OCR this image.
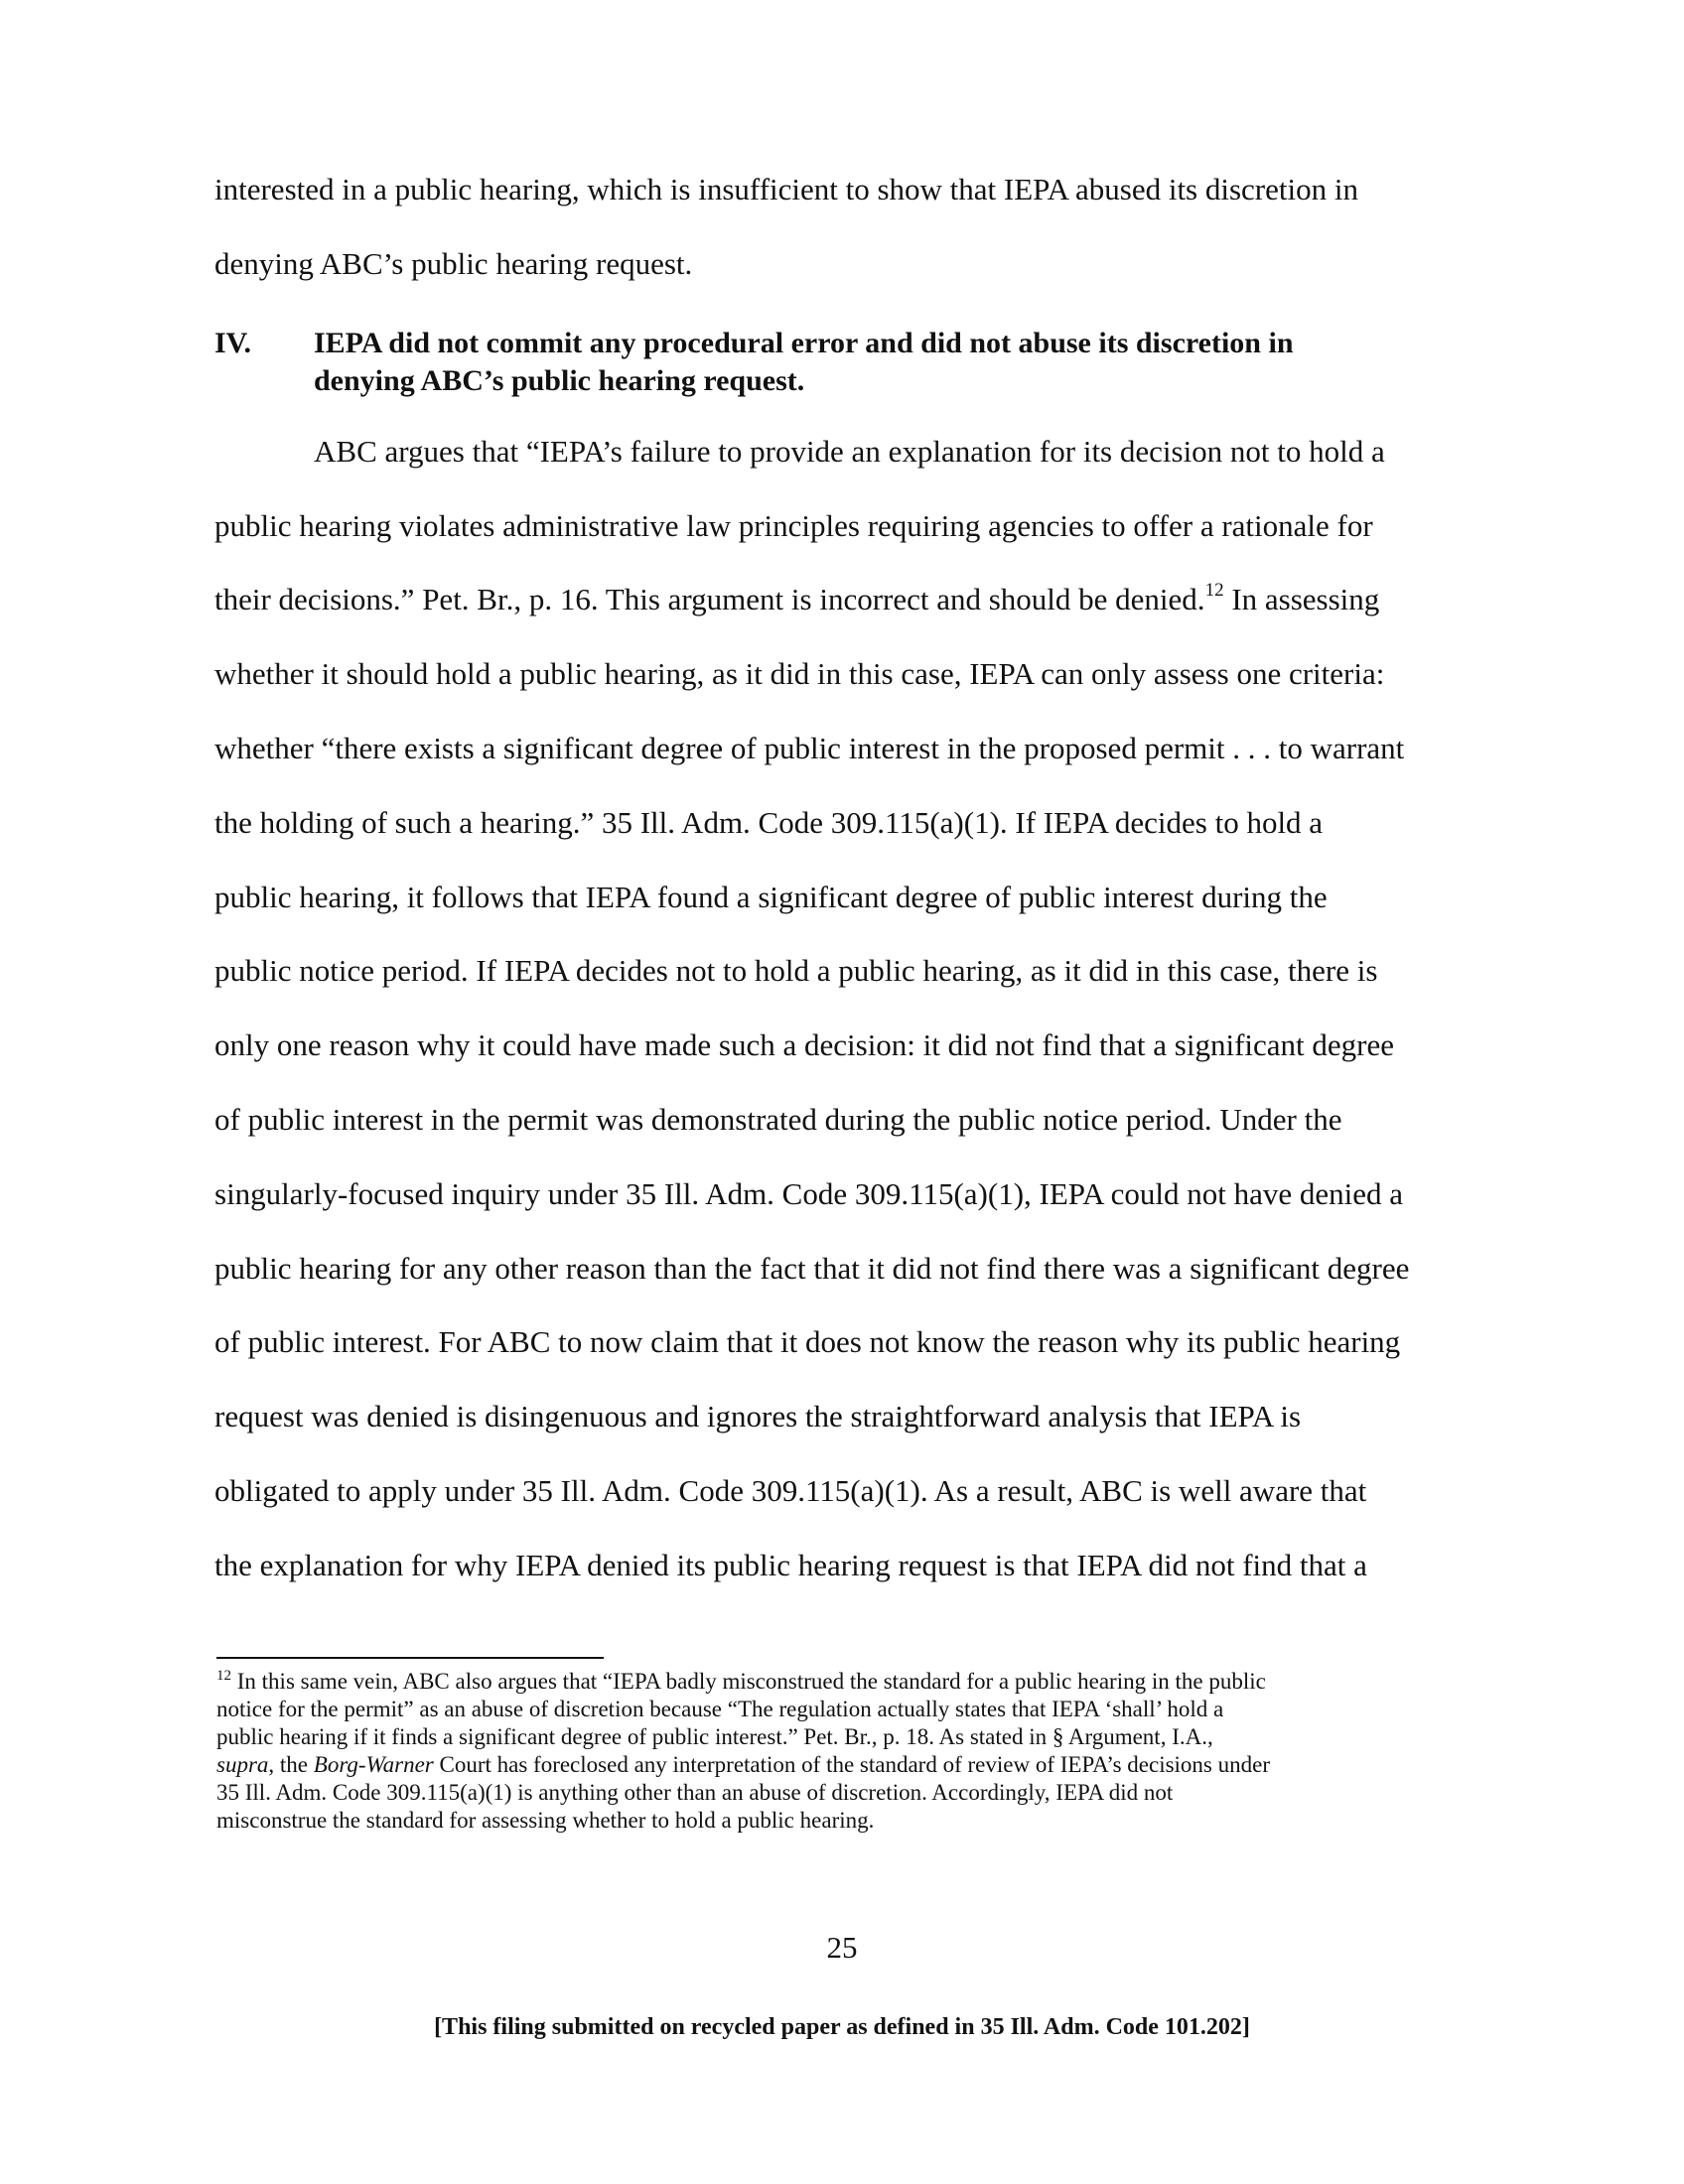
interested in a public hearing, which is insufficient to show that IEPA abused its discretion in
denying ABC’s public hearing request.
IV. IEPA did not commit any procedural error and did not abuse its discretion in
denying ABC’s public hearing request.
ABC argues that “IEPA’s failure to provide an explanation for its decision not to hold a
public hearing violates administrative law principles requiring agencies to offer a rationale for
their decisions.” Pet. Br., p. 16. This argument is incorrect and should be denied.$^{12}$ In assessing
whether it should hold a public hearing, as it did in this case, IEPA can only assess one criteria:
whether “there exists a significant degree of public interest in the proposed permit . . . to warrant
the holding of such a hearing.” 35 Ill. Adm. Code 309.115(a)(1). If IEPA decides to hold a
public hearing, it follows that IEPA found a significant degree of public interest during the
public notice period. If IEPA decides not to hold a public hearing, as it did in this case, there is
only one reason why it could have made such a decision: it did not find that a significant degree
of public interest in the permit was demonstrated during the public notice period. Under the
singularly-focused inquiry under 35 Ill. Adm. Code 309.115(a)(1), IEPA could not have denied a
public hearing for any other reason than the fact that it did not find there was a significant degree
of public interest. For ABC to now claim that it does not know the reason why its public hearing
request was denied is disingenuous and ignores the straightforward analysis that IEPA is
obligated to apply under 35 Ill. Adm. Code 309.115(a)(1). As a result, ABC is well aware that
the explanation for why IEPA denied its public hearing request is that IEPA did not find that a
$^{12}$ In this same vein, ABC also argues that “IEPA badly misconstrued the standard for a public hearing in the public
notice for the permit” as an abuse of discretion because “The regulation actually states that IEPA ‘shall’ hold a
public hearing if it finds a significant degree of public interest.” Pet. Br., p. 18. As stated in § Argument, I.A.,
supra, the Borg-Warner Court has foreclosed any interpretation of the standard of review of IEPA’s decisions under
35 Ill. Adm. Code 309.115(a)(1) is anything other than an abuse of discretion. Accordingly, IEPA did not
misconstrue the standard for assessing whether to hold a public hearing.
25
[This filing submitted on recycled paper as defined in 35 Ill. Adm. Code 101.202]
